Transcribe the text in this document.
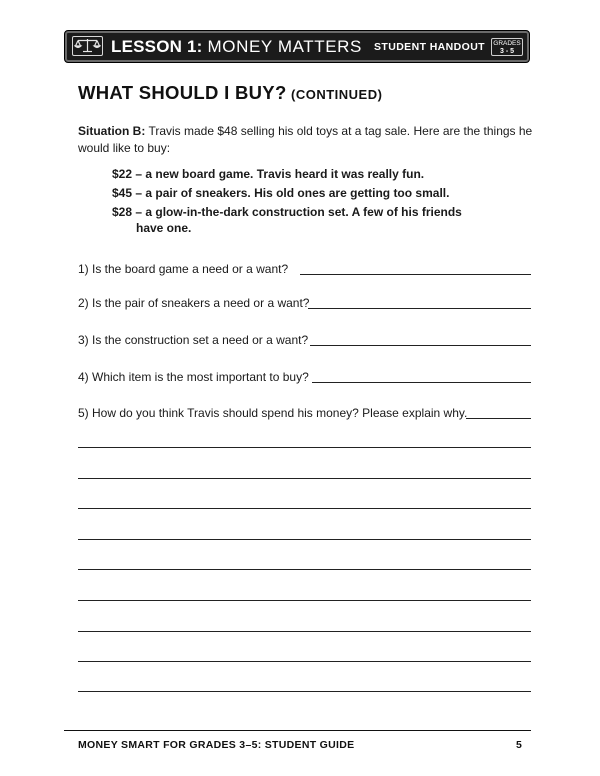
LESSON 1: MONEY MATTERS STUDENT HANDOUT GRADES
3 - 5
WHAT SHOULD I BUY? (CONTINUED)
Situation B: Travis made $48 selling his old toys at a tag sale. Here are the things he would like to buy:
$22 – a new board game. Travis heard it was really fun.
$45 – a pair of sneakers. His old ones are getting too small.
$28 – a glow-in-the-dark construction set. A few of his friends
have one.
1) Is the board game a need or a want?
2) Is the pair of sneakers a need or a want?
3) Is the construction set a need or a want?
4) Which item is the most important to buy?
5) How do you think Travis should spend his money? Please explain why.
MONEY SMART FOR GRADES 3–5: STUDENT GUIDE	5
